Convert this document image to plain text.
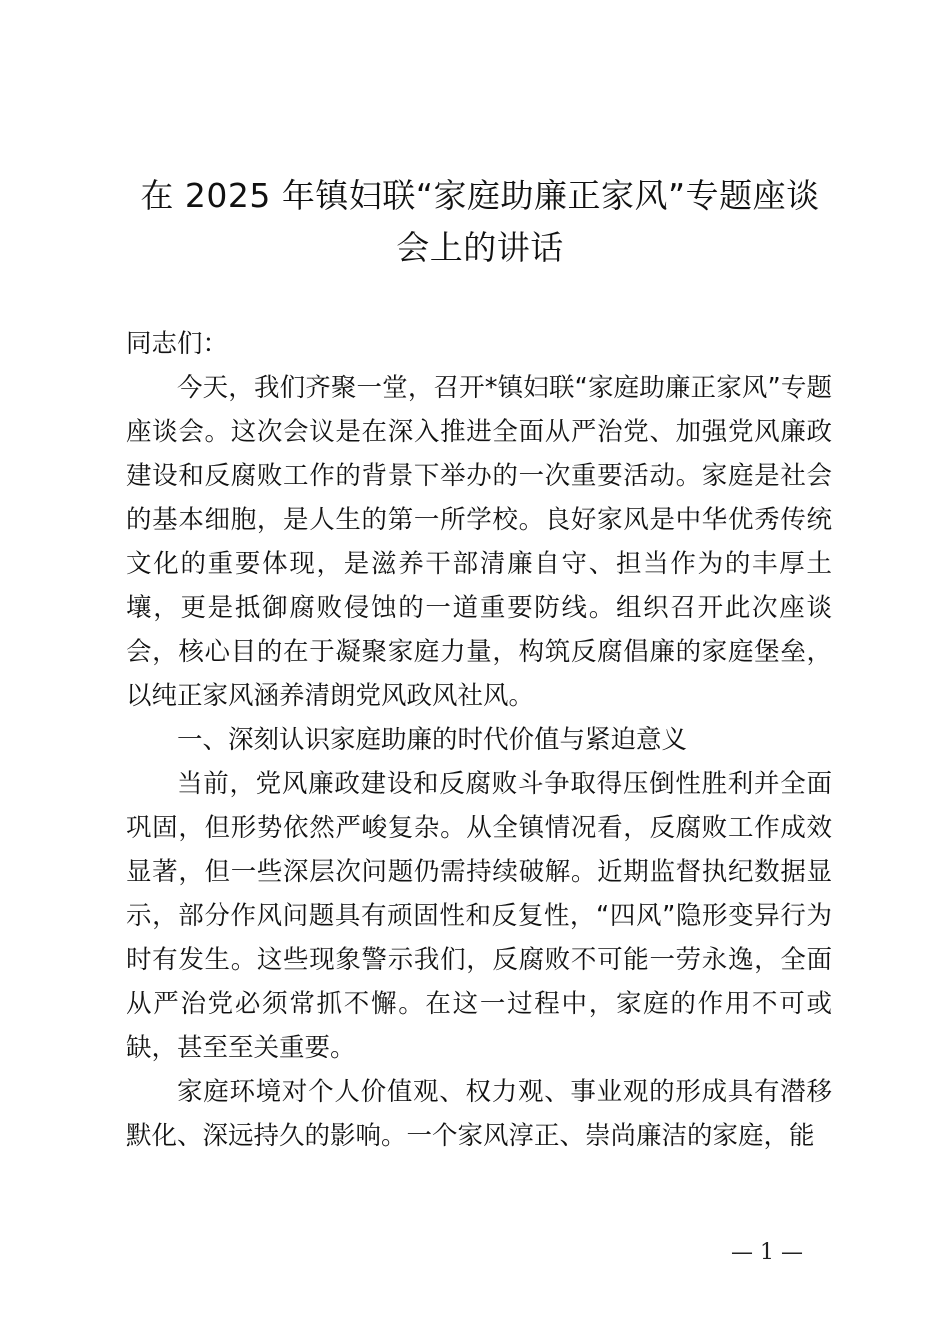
在 2025 年镇妇联“家庭助廉正家风”专题座谈会上的讲话

同志们：

今天，我们齐聚一堂，召开*镇妇联“家庭助廉正家风”专题座谈会。这次会议是在深入推进全面从严治党、加强党风廉政建设和反腐败工作的背景下举办的一次重要活动。家庭是社会的基本细胞，是人生的第一所学校。良好家风是中华优秀传统文化的重要体现，是滋养干部清廉自守、担当作为的丰厚土壤，更是抵御腐败侵蚀的一道重要防线。组织召开此次座谈会，核心目的在于凝聚家庭力量，构筑反腐倡廉的家庭堡垒，以纯正家风涵养清朗党风政风社风。

一、深刻认识家庭助廉的时代价值与紧迫意义

当前，党风廉政建设和反腐败斗争取得压倒性胜利并全面巩固，但形势依然严峻复杂。从全镇情况看，反腐败工作成效显著，但一些深层次问题仍需持续破解。近期监督执纪数据显示，部分作风问题具有顽固性和反复性，“四风”隐形变异行为时有发生。这些现象警示我们，反腐败不可能一劳永逸，全面从严治党必须常抓不懈。在这一过程中，家庭的作用不可或缺，甚至至关重要。

家庭环境对个人价值观、权力观、事业观的形成具有潜移默化、深远持久的影响。一个家风淳正、崇尚廉洁的家庭，能

— 1 —
